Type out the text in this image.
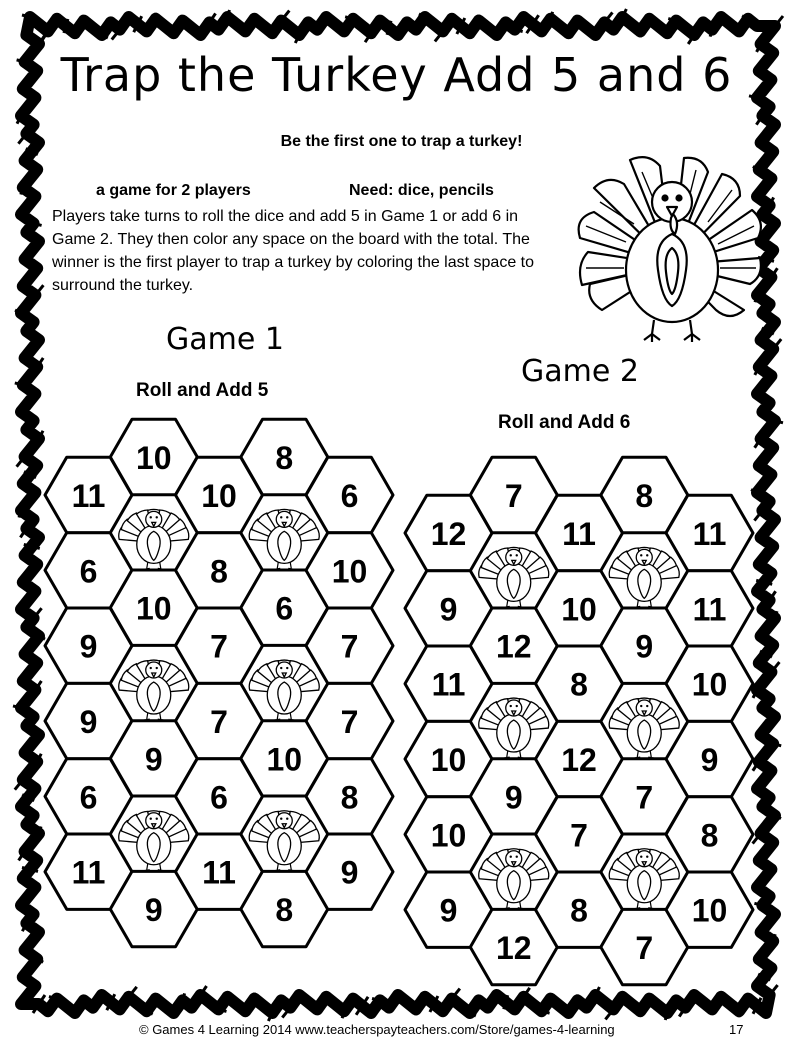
Trap the Turkey Add 5 and 6
Be the first one to trap a turkey!
a game for 2 players	Need: dice, pencils
Players take turns to roll the dice and add 5 in Game 1 or add 6 in Game 2. They then color any space on the board with the total. The winner is the first player to trap a turkey by coloring the last space to surround the turkey.
Game 1
Roll and Add 5
Game 2
Roll and Add 6
11
6
9
9
6
11
10
10
9
9
10
8
7
7
6
11
8
6
10
8
6
10
7
7
8
9
12
9
11
10
10
9
7
12
9
12
11
10
8
12
7
8
8
9
7
7
11
11
10
9
8
10
© Games 4 Learning 2014 www.teacherspayteachers.com/Store/games-4-learning	17
